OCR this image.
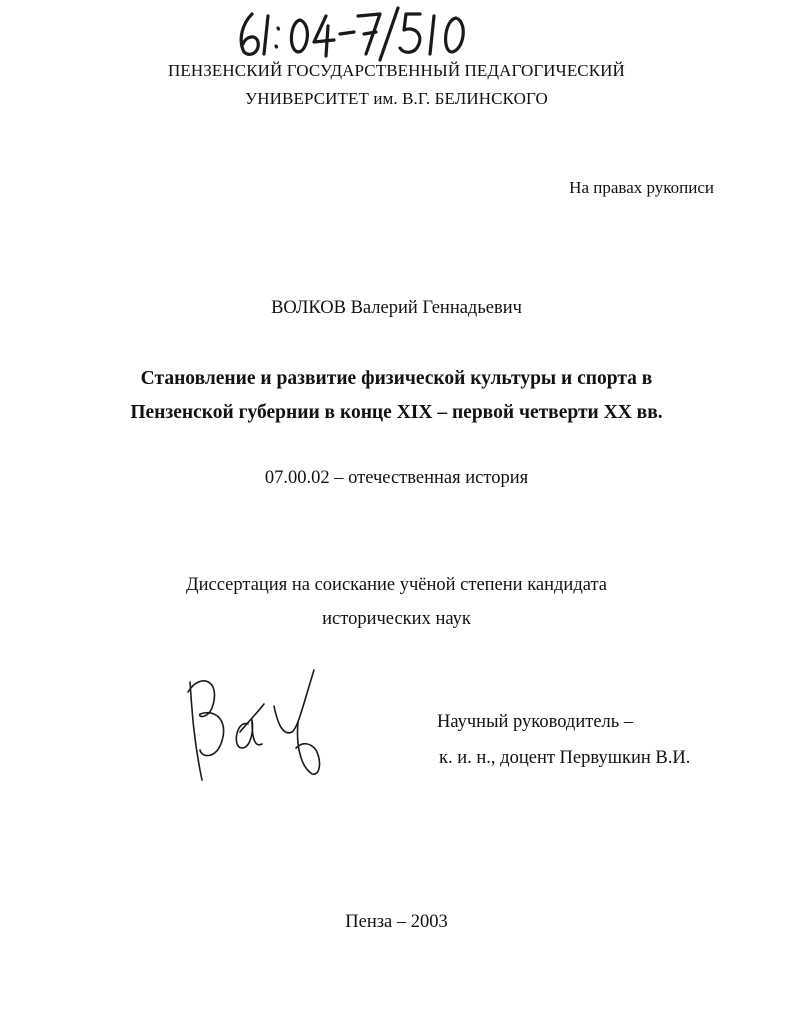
ПЕНЗЕНСКИЙ ГОСУДАРСТВЕННЫЙ ПЕДАГОГИЧЕСКИЙ
УНИВЕРСИТЕТ им. В.Г. БЕЛИНСКОГО
На правах рукописи
ВОЛКОВ Валерий Геннадьевич
Становление и развитие физической культуры и спорта в
Пензенской губернии в конце XIX – первой четверти XX вв.
07.00.02 – отечественная история
Диссертация на соискание учёной степени кандидата
исторических наук
Научный руководитель –
к. и. н., доцент Первушкин В.И.
Пенза – 2003
